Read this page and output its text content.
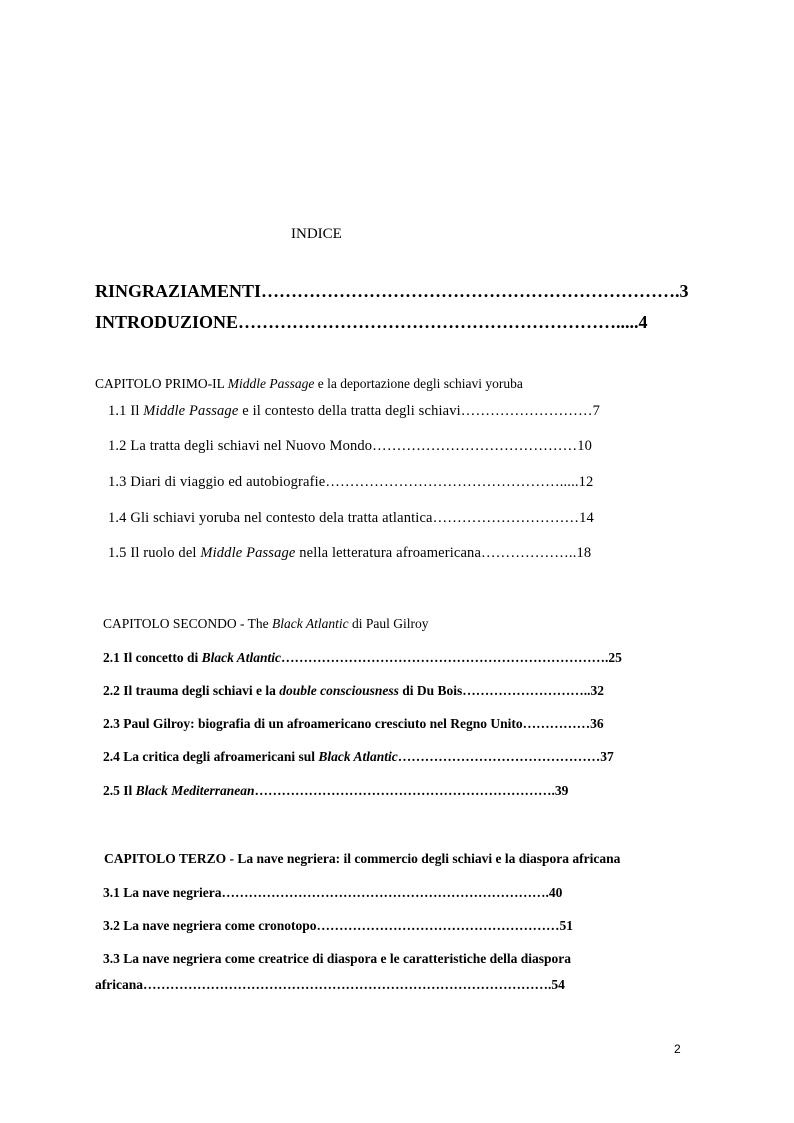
INDICE
RINGRAZIAMENTI…………………………………………………………….3
INTRODUZIONE……………………………………………………….....4
CAPITOLO PRIMO-IL Middle Passage e la deportazione degli schiavi yoruba
1.1 Il Middle Passage e il contesto della tratta degli schiavi………………………7
1.2 La tratta degli schiavi nel Nuovo Mondo……………………………………10
1.3 Diari di viaggio ed autobiografie………………………………………….....12
1.4 Gli schiavi yoruba nel contesto dela tratta atlantica…………………………14
1.5 Il ruolo del Middle Passage nella letteratura afroamericana………………..18
CAPITOLO SECONDO - The Black Atlantic di Paul Gilroy
2.1 Il concetto di Black Atlantic……………………………………………………………….25
2.2 Il trauma degli schiavi e la double consciousness di Du Bois………………………..32
2.3 Paul Gilroy: biografia di un afroamericano cresciuto nel Regno Unito……………36
2.4 La critica degli afroamericani sul Black Atlantic………………………………………37
2.5 Il Black Mediterranean………………………………………………………….39
CAPITOLO TERZO - La nave negriera: il commercio degli schiavi e la diaspora africana
3.1 La nave negriera……………………………………………………………….40
3.2 La nave negriera come cronotopo………………………………………………51
3.3 La nave negriera come creatrice di diaspora e le caratteristiche della diaspora
africana……………………………………………………………………………….54
2
